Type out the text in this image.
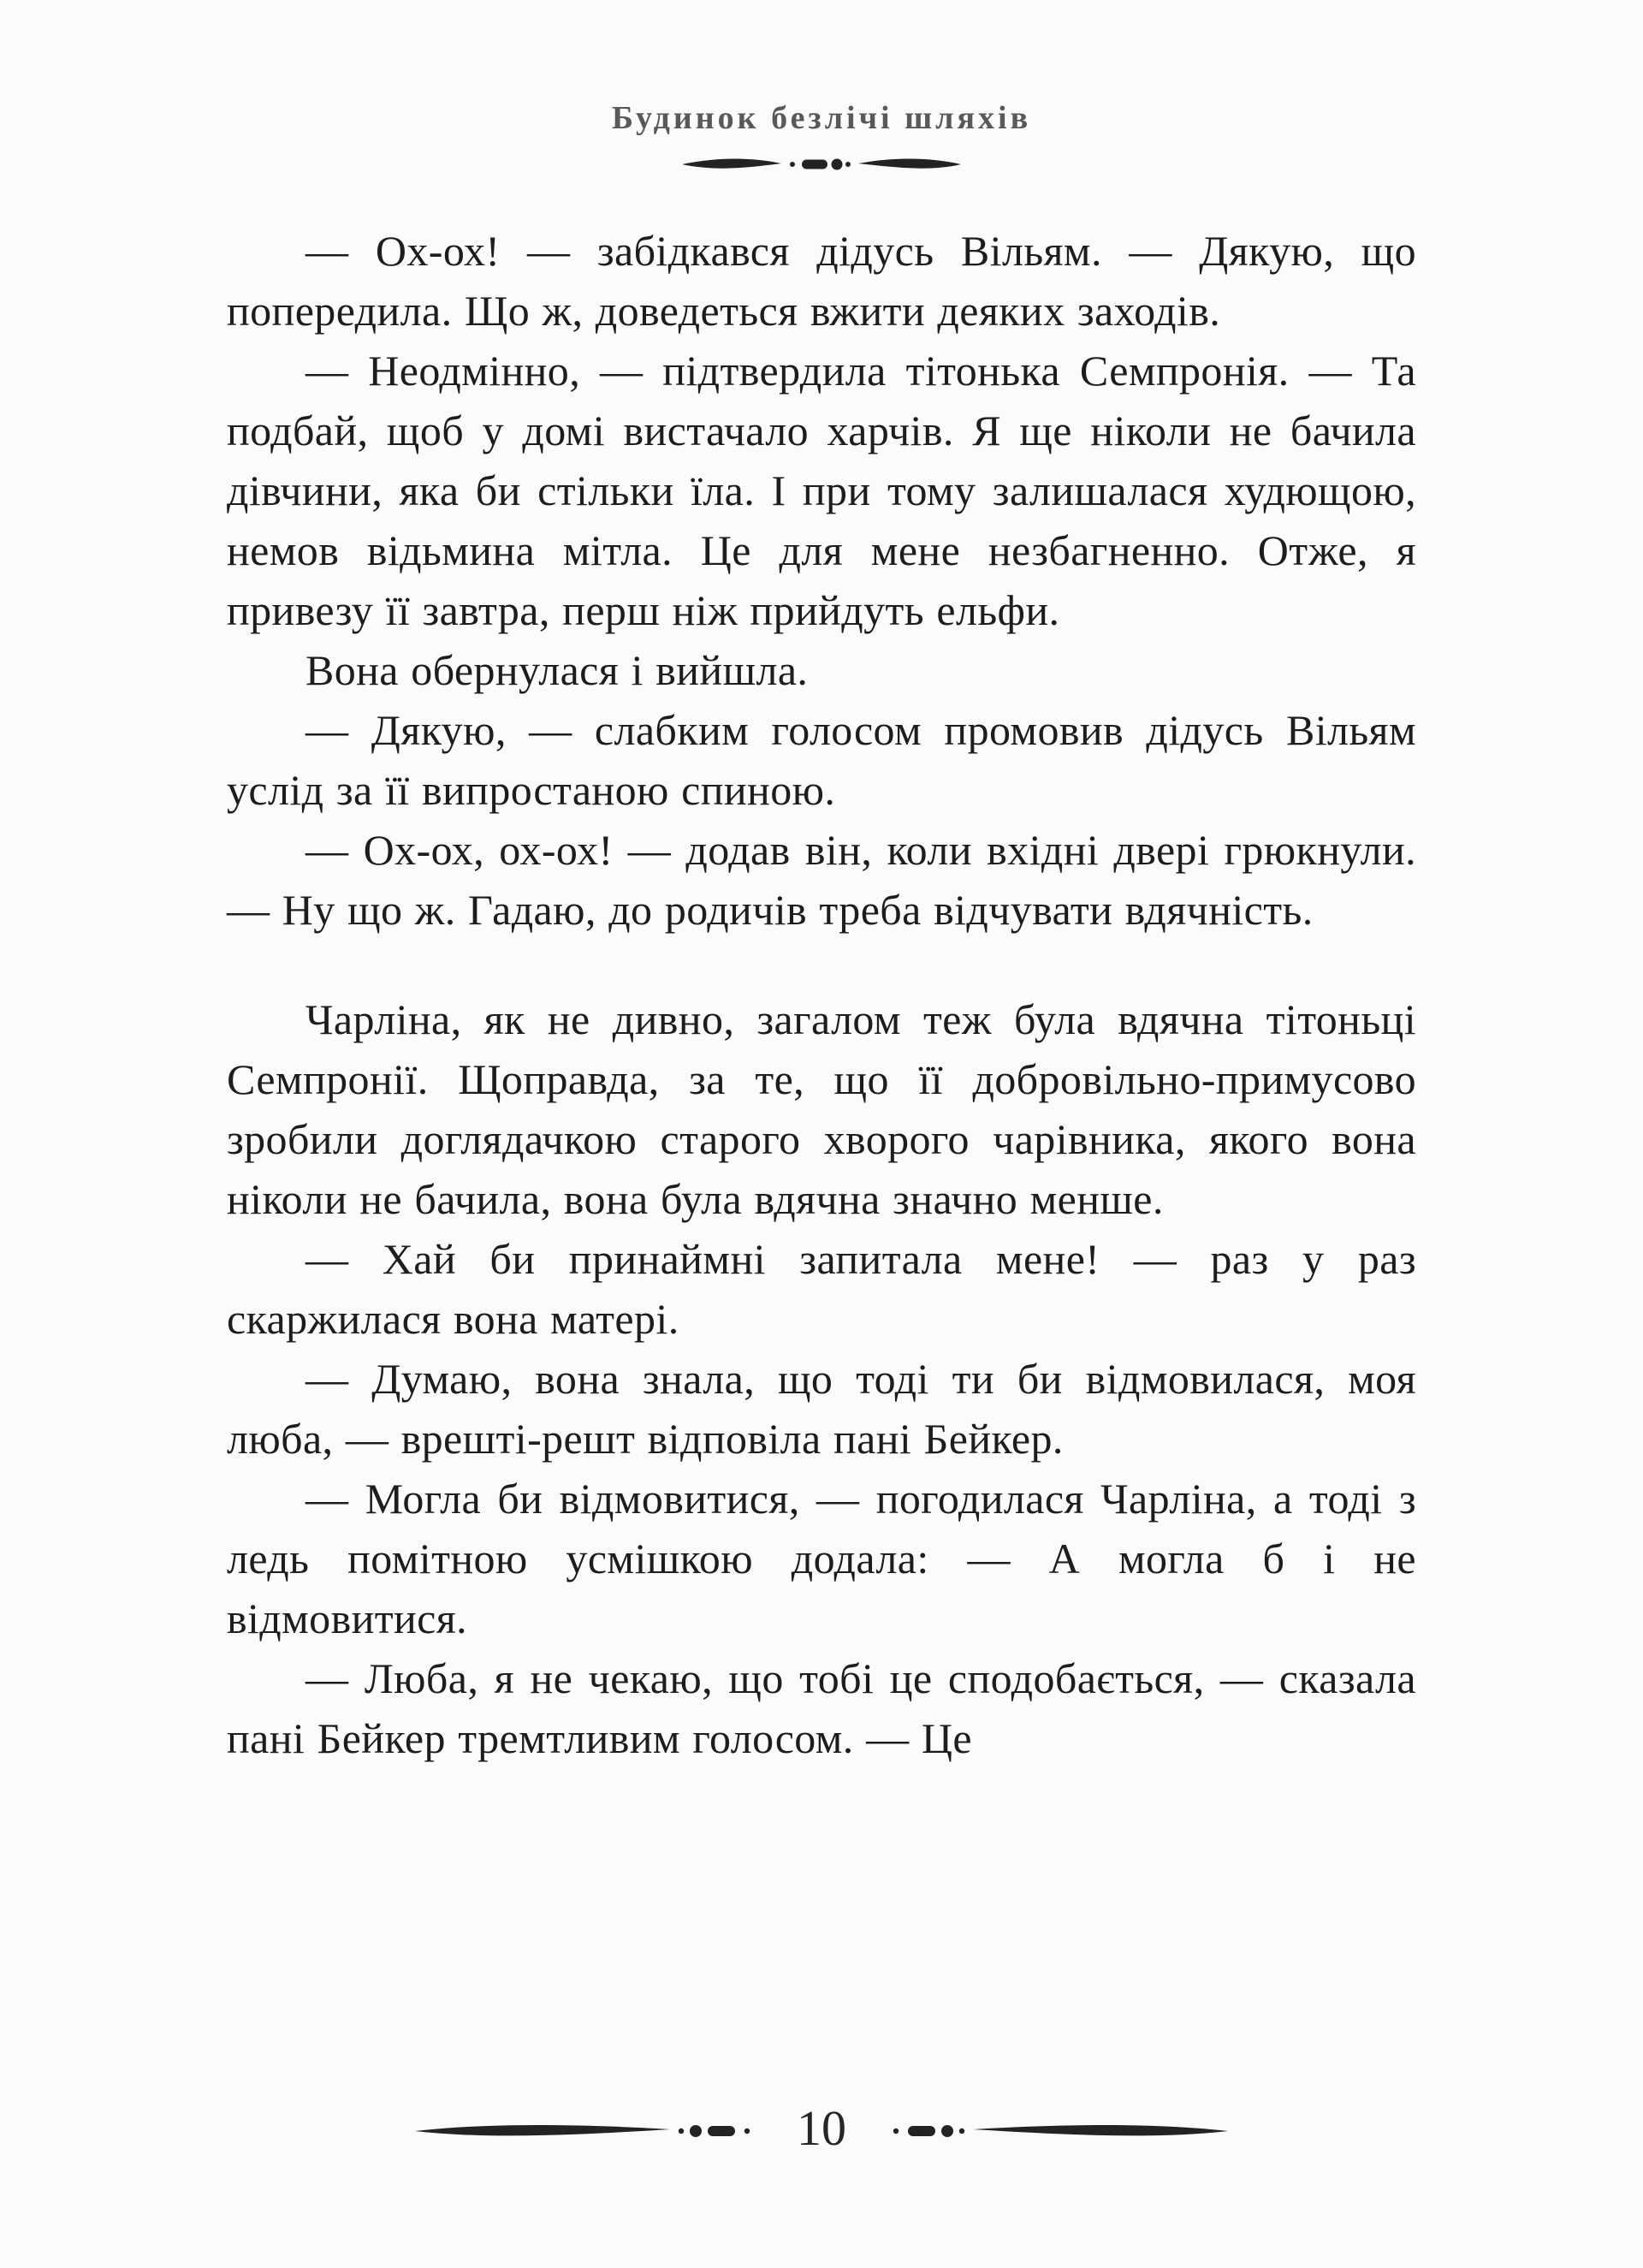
Будинок безлічі шляхів

— Ох-ох! — забідкався дідусь Вільям. — Дякую, що попередила. Що ж, доведеться вжити деяких заходів.

— Неодмінно, — підтвердила тітонька Семпронія. — Та подбай, щоб у домі вистачало харчів. Я ще ніколи не бачила дівчини, яка би стільки їла. І при тому залишалася худющою, немов відьмина мітла. Це для мене незбагненно. Отже, я привезу її завтра, перш ніж прийдуть ельфи.

Вона обернулася і вийшла.

— Дякую, — слабким голосом промовив дідусь Вільям услід за її випростаною спиною.

— Ох-ох, ох-ох! — додав він, коли вхідні двері грюкнули. — Ну що ж. Гадаю, до родичів треба відчувати вдячність.

Чарліна, як не дивно, загалом теж була вдячна тітоньці Семпронії. Щоправда, за те, що її добровільно-примусово зробили доглядачкою старого хворого чарівника, якого вона ніколи не бачила, вона була вдячна значно менше.

— Хай би принаймні запитала мене! — раз у раз скаржилася вона матері.

— Думаю, вона знала, що тоді ти би відмовилася, моя люба, — врешті-решт відповіла пані Бейкер.

— Могла би відмовитися, — погодилася Чарліна, а тоді з ледь помітною усмішкою додала: — А могла б і не відмовитися.

— Люба, я не чекаю, що тобі це сподобається, — сказала пані Бейкер тремтливим голосом. — Це

10
